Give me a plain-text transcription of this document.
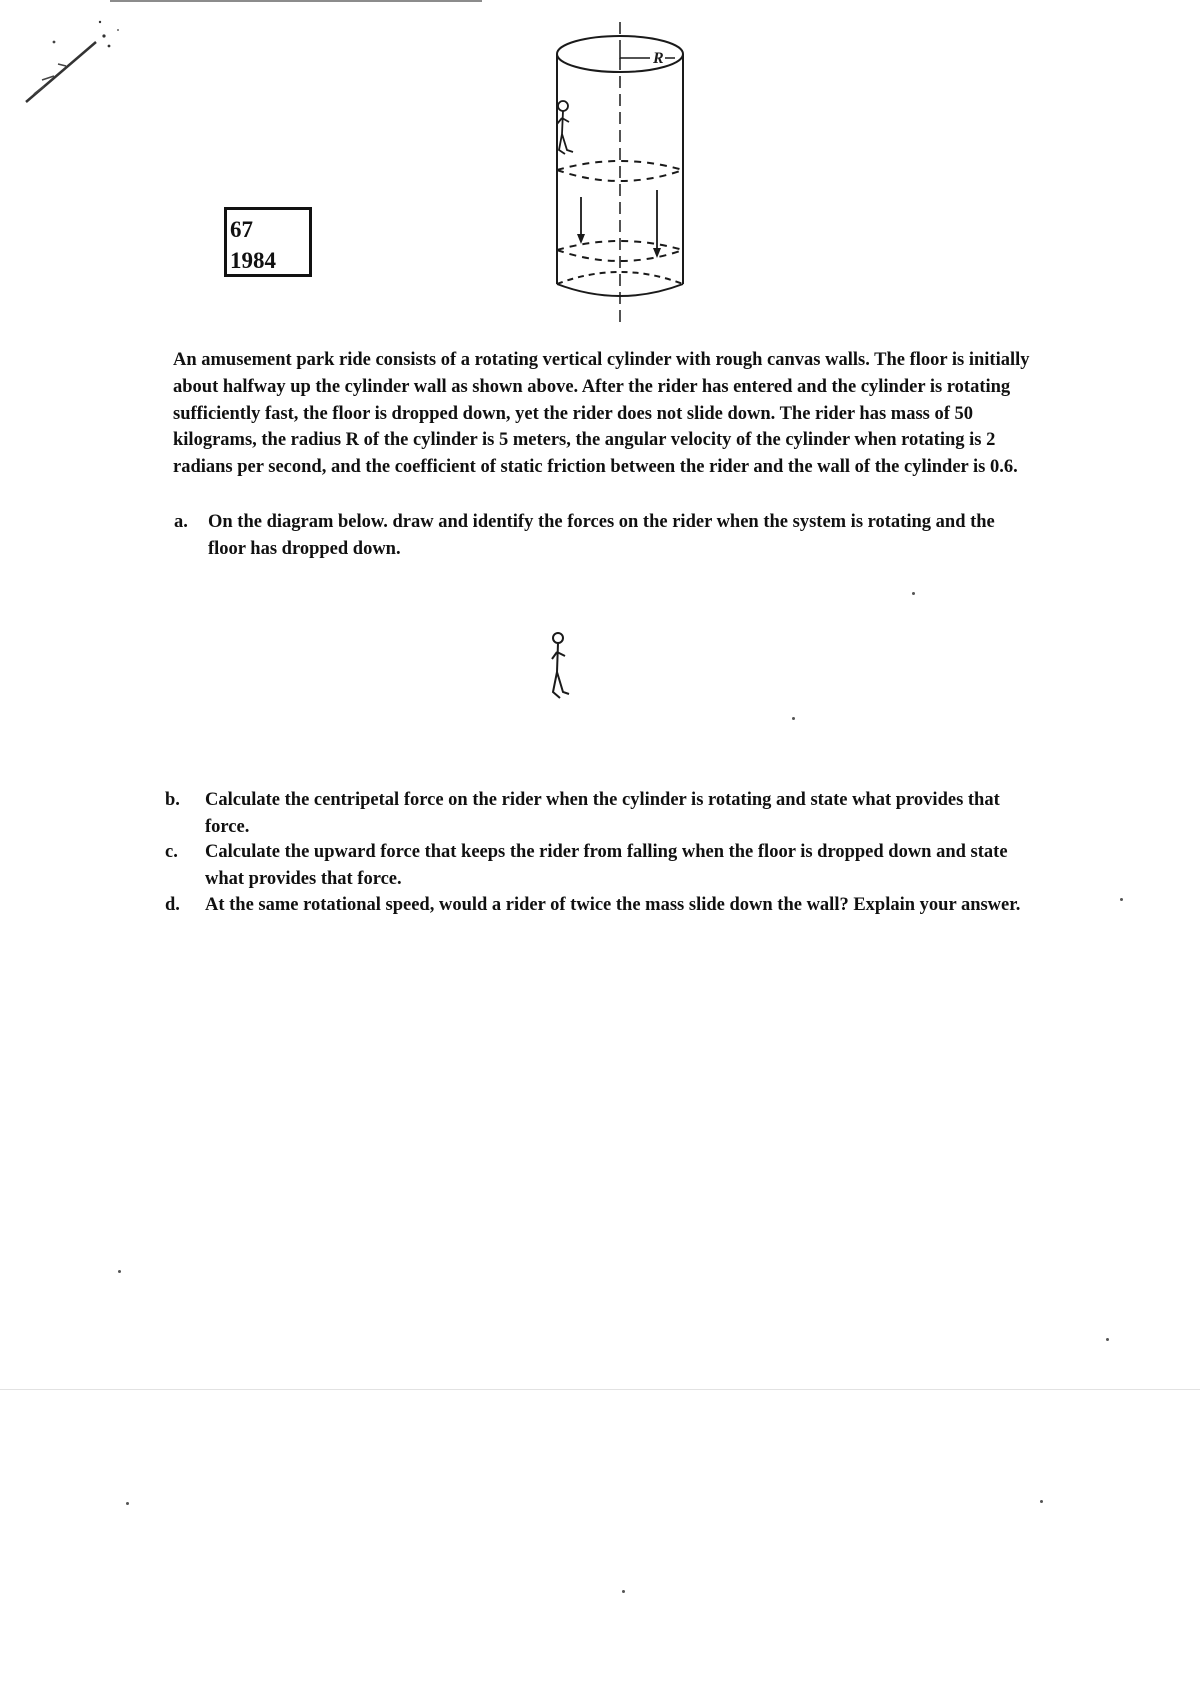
67
1984
R
An amusement park ride consists of a rotating vertical cylinder with rough canvas walls. The floor is initially about halfway up the cylinder wall as shown above. After the rider has entered and the cylinder is rotating sufficiently fast, the floor is dropped down, yet the rider does not slide down. The rider has mass of 50 kilograms, the radius R of the cylinder is 5 meters, the angular velocity of the cylinder when rotating is 2 radians per second, and the coefficient of static friction between the rider and the wall of the cylinder is 0.6.
a. On the diagram below. draw and identify the forces on the rider when the system is rotating and the floor has dropped down.
b. Calculate the centripetal force on the rider when the cylinder is rotating and state what provides that force.
c. Calculate the upward force that keeps the rider from falling when the floor is dropped down and state what provides that force.
d. At the same rotational speed, would a rider of twice the mass slide down the wall? Explain your answer.
